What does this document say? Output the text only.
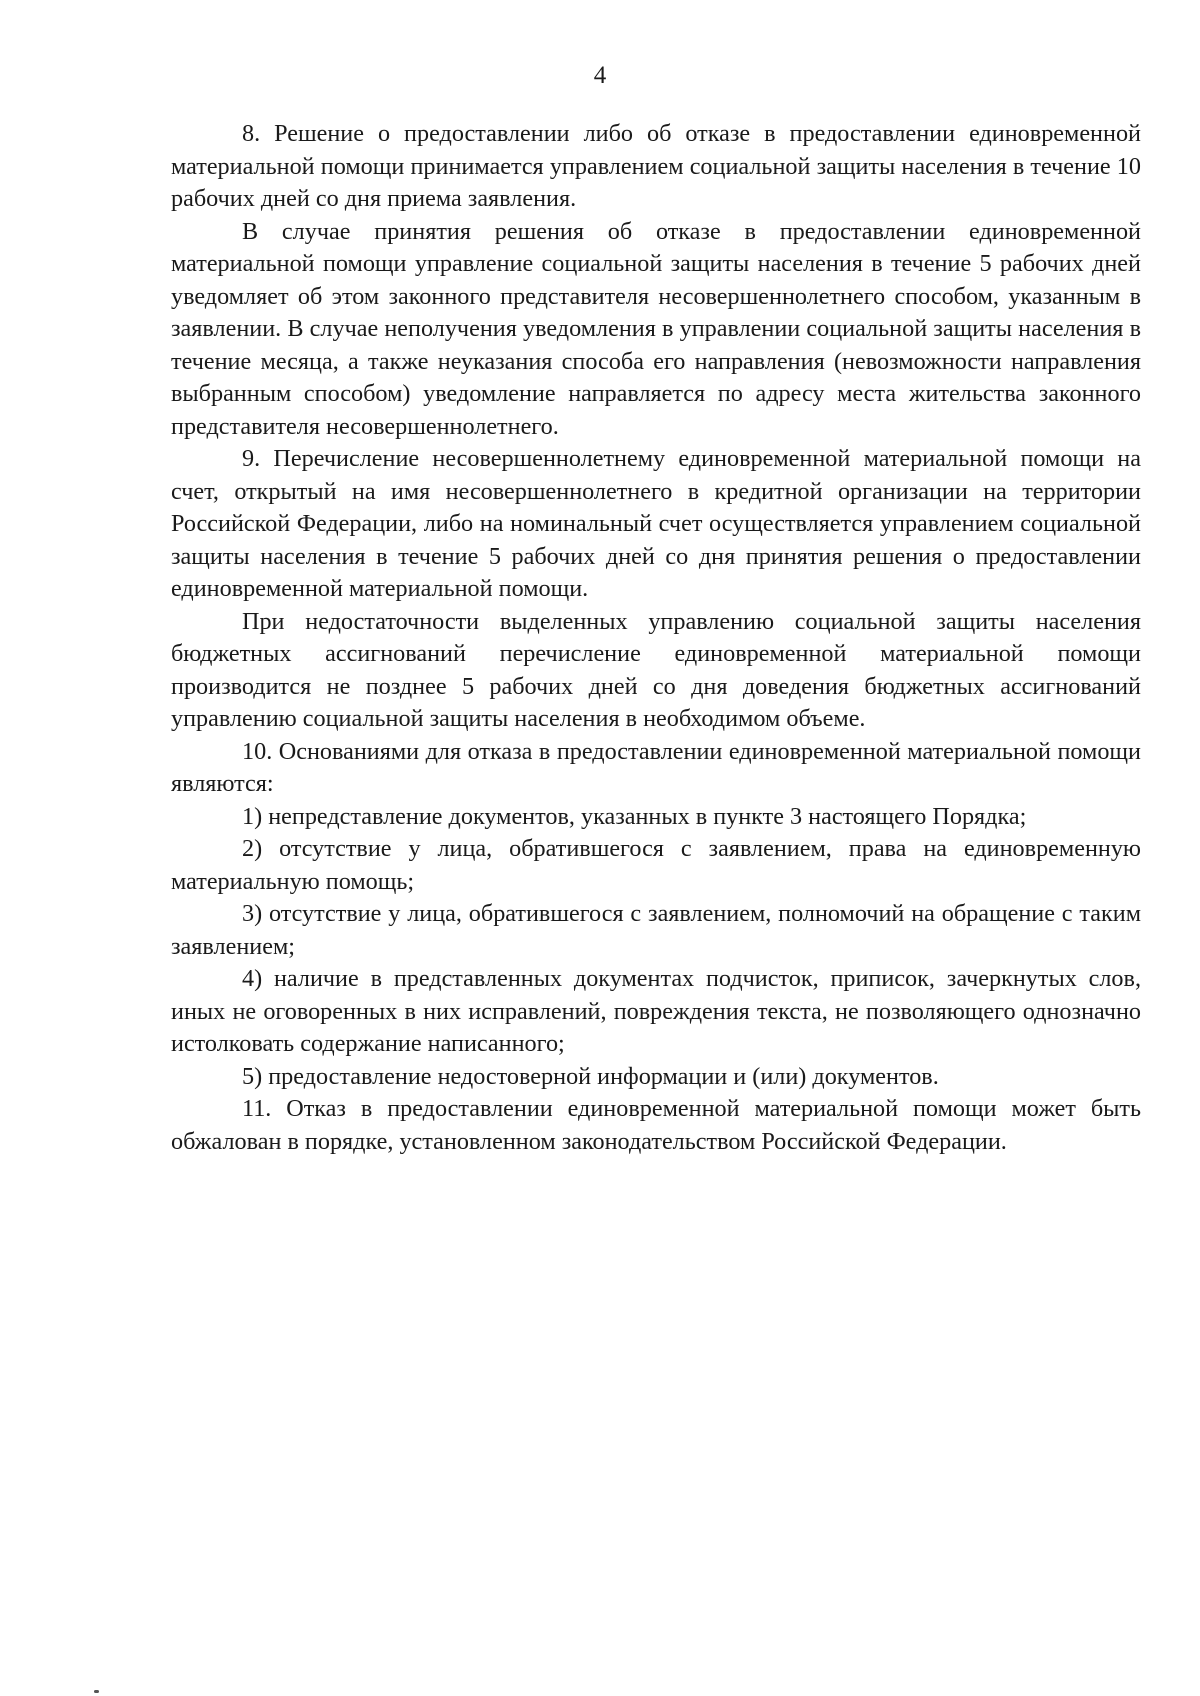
4

8. Решение о предоставлении либо об отказе в предоставлении единовременной материальной помощи принимается управлением социальной защиты населения в течение 10 рабочих дней со дня приема заявления.

В случае принятия решения об отказе в предоставлении единовременной материальной помощи управление социальной защиты населения в течение 5 рабочих дней уведомляет об этом законного представителя несовершеннолетнего способом, указанным в заявлении. В случае неполучения уведомления в управлении социальной защиты населения в течение месяца, а также неуказания способа его направления (невозможности направления выбранным способом) уведомление направляется по адресу места жительства законного представителя несовершеннолетнего.

9. Перечисление несовершеннолетнему единовременной материальной помощи на счет, открытый на имя несовершеннолетнего в кредитной организации на территории Российской Федерации, либо на номинальный счет осуществляется управлением социальной защиты населения в течение 5 рабочих дней со дня принятия решения о предоставлении единовременной материальной помощи.

При недостаточности выделенных управлению социальной защиты населения бюджетных ассигнований перечисление единовременной материальной помощи производится не позднее 5 рабочих дней со дня доведения бюджетных ассигнований управлению социальной защиты населения в необходимом объеме.

10. Основаниями для отказа в предоставлении единовременной материальной помощи являются:

1) непредставление документов, указанных в пункте 3 настоящего Порядка;

2) отсутствие у лица, обратившегося с заявлением, права на единовременную материальную помощь;

3) отсутствие у лица, обратившегося с заявлением, полномочий на обращение с таким заявлением;

4) наличие в представленных документах подчисток, приписок, зачеркнутых слов, иных не оговоренных в них исправлений, повреждения текста, не позволяющего однозначно истолковать содержание написанного;

5) предоставление недостоверной информации и (или) документов.

11. Отказ в предоставлении единовременной материальной помощи может быть обжалован в порядке, установленном законодательством Российской Федерации.
